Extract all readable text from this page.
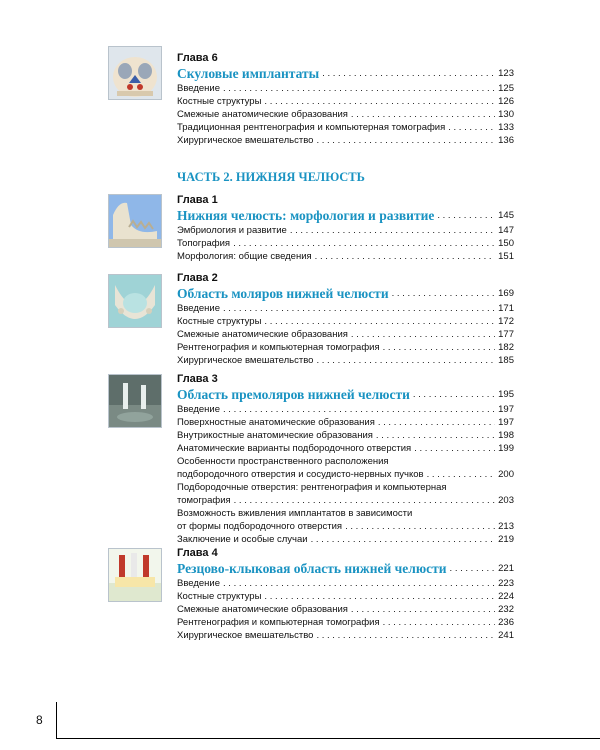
Глава 6
Скуловые имплантаты . . .	123
Введение . . .	125
Костные структуры . . .	126
Смежные анатомические образования . . .	130
Традиционная рентгенография и компьютерная томография . . .	133
Хирургическое вмешательство . . .	136
ЧАСТЬ 2. НИЖНЯЯ ЧЕЛЮСТЬ
Глава 1
Нижняя челюсть: морфология и развитие . . .	145
Эмбриология и развитие . . .	147
Топография . . .	150
Морфология: общие сведения . . .	151
Глава 2
Область моляров нижней челюсти . . .	169
Введение . . .	171
Костные структуры . . .	172
Смежные анатомические образования . . .	177
Рентгенография и компьютерная томография . . .	182
Хирургическое вмешательство . . .	185
Глава 3
Область премоляров нижней челюсти . . .	195
Введение . . .	197
Поверхностные анатомические образования . . .	197
Внутрикостные анатомические образования . . .	198
Анатомические варианты подбородочного отверстия . . .	199
Особенности пространственного расположения
подбородочного отверстия и сосудисто-нервных пучков . . .	200
Подбородочные отверстия: рентгенография и компьютерная
томография . . .	203
Возможность вживления имплантатов в зависимости
от формы подбородочного отверстия . . .	213
Заключение и особые случаи . . .	219
Глава 4
Резцово-клыковая область нижней челюсти . . .	221
Введение . . .	223
Костные структуры . . .	224
Смежные анатомические образования . . .	232
Рентгенография и компьютерная томография . . .	236
Хирургическое вмешательство . . .	241
8
